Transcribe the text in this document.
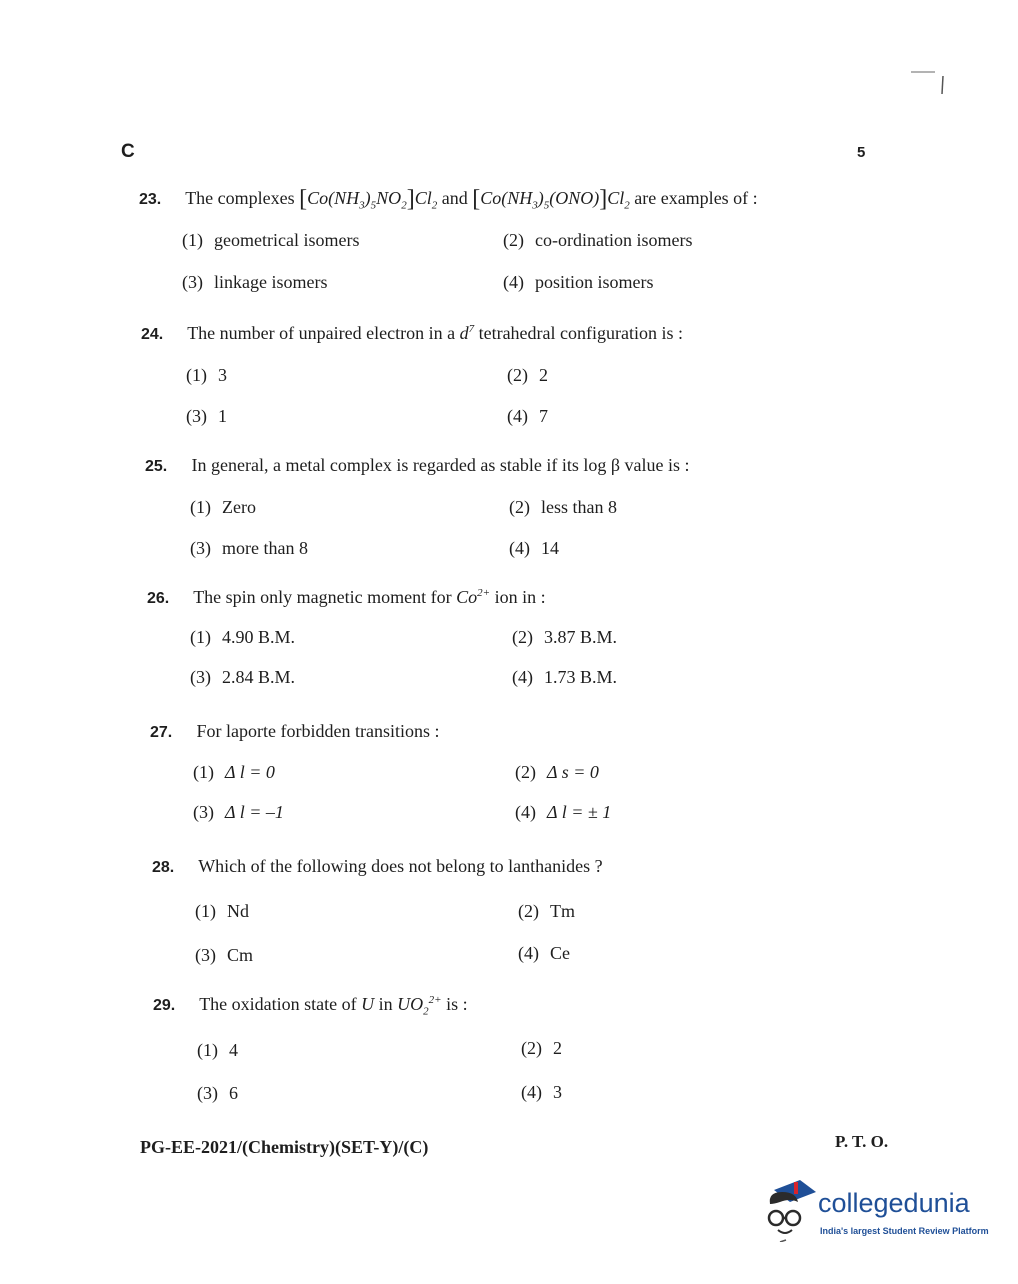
C	5
23. The complexes $[Co(NH_3)_5NO_2]Cl_2$ and $[Co(NH_3)_5(ONO)]Cl_2$ are examples of :
(1) geometrical isomers	(2) co-ordination isomers
(3) linkage isomers	(4) position isomers
24. The number of unpaired electron in a $d^7$ tetrahedral configuration is :
(1) 3	(2) 2
(3) 1	(4) 7
25. In general, a metal complex is regarded as stable if its log β value is :
(1) Zero	(2) less than 8
(3) more than 8	(4) 14
26. The spin only magnetic moment for $Co^{2+}$ ion in :
(1) 4.90 B.M.	(2) 3.87 B.M.
(3) 2.84 B.M.	(4) 1.73 B.M.
27. For laporte forbidden transitions :
(1) Δ l = 0	(2) Δ s = 0
(3) Δ l = –1	(4) Δ l = ± 1
28. Which of the following does not belong to lanthanides ?
(1) Nd	(2) Tm
(3) Cm	(4) Ce
29. The oxidation state of U in $UO_2^{2+}$ is :
(1) 4	(2) 2
(3) 6	(4) 3
PG-EE-2021/(Chemistry)(SET-Y)/(C)	P. T. O.
collegedunia
India's largest Student Review Platform
